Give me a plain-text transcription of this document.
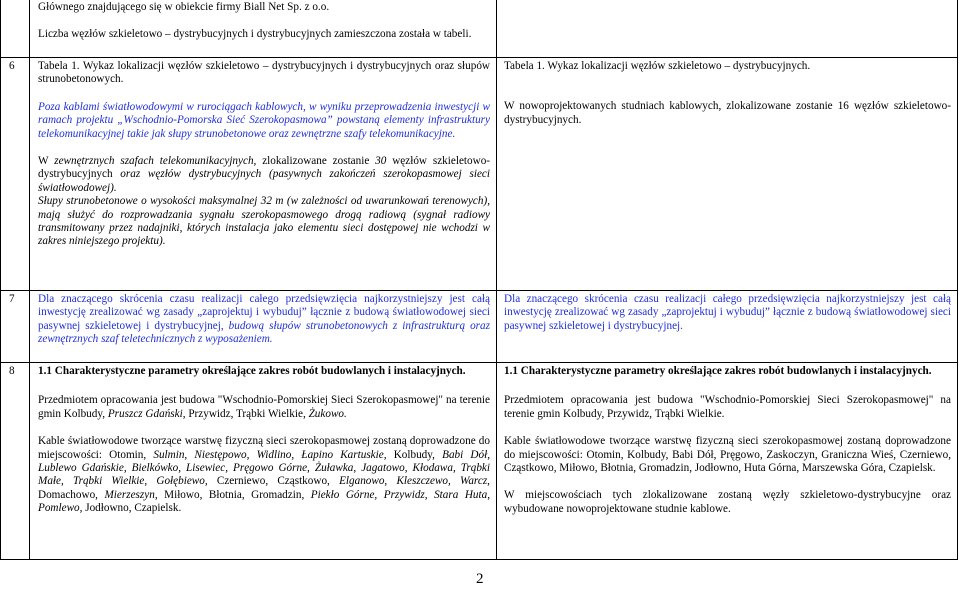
Głównego znajdującego się w obiekcie firmy Biall Net Sp. z o.o.

Liczba węzłów szkieletowo – dystrybucyjnych i dystrybucyjnych zamieszczona została w tabeli.

6 Tabela 1. Wykaz lokalizacji węzłów szkieletowo – dystrybucyjnych i dystrybucyjnych oraz słupów strunobetonowych.

Poza kablami światłowodowymi w rurociągach kablowych, w wyniku przeprowadzenia inwestycji w ramach projektu „Wschodnio-Pomorska Sieć Szerokopasmowa” powstaną elementy infrastruktury telekomunikacyjnej takie jak słupy strunobetonowe oraz zewnętrzne szafy telekomunikacyjne.

W zewnętrznych szafach telekomunikacyjnych, zlokalizowane zostanie 30 węzłów szkieletowo- dystrybucyjnych oraz węzłów dystrybucyjnych (pasywnych zakończeń szerokopasmowej sieci światłowodowej).

Słupy strunobetonowe o wysokości maksymalnej 32 m (w zależności od uwarunkowań terenowych), mają służyć do rozprowadzania sygnału szerokopasmowego drogą radiową (sygnał radiowy transmitowany przez nadajniki, których instalacja jako elementu sieci dostępowej nie wchodzi w zakres niniejszego projektu).

Tabela 1. Wykaz lokalizacji węzłów szkieletowo – dystrybucyjnych.

W nowoprojektowanych studniach kablowych, zlokalizowane zostanie 16 węzłów szkieletowo- dystrybucyjnych.

7 Dla znaczącego skrócenia czasu realizacji całego przedsięwzięcia najkorzystniejszy jest całą inwestycję zrealizować wg zasady „zaprojektuj i wybuduj” łącznie z budową światłowodowej sieci pasywnej szkieletowej i dystrybucyjnej, budową słupów strunobetonowych z infrastrukturą oraz zewnętrznych szaf teletechnicznych z wyposażeniem.

Dla znaczącego skrócenia czasu realizacji całego przedsięwzięcia najkorzystniejszy jest całą inwestycję zrealizować wg zasady „zaprojektuj i wybuduj” łącznie z budową światłowodowej sieci pasywnej szkieletowej i dystrybucyjnej.

8 1.1 Charakterystyczne parametry określające zakres robót budowlanych i instalacyjnych.

Przedmiotem opracowania jest budowa "Wschodnio-Pomorskiej Sieci Szerokopasmowej" na terenie gmin Kolbudy, Pruszcz Gdański, Przywidz, Trąbki Wielkie, Żukowo.

Kable światłowodowe tworzące warstwę fizyczną sieci szerokopasmowej zostaną doprowadzone do miejscowości: Otomin, Sulmin, Niestępowo, Widlino, Łapino Kartuskie, Kolbudy, Babi Dół, Lublewo Gdańskie, Bielkówko, Lisewiec, Pręgowo Górne, Żuławka, Jagatowo, Kłodawa, Trąbki Małe, Trąbki Wielkie, Gołębiewo, Czerniewo, Cząstkowo, Elganowo, Kleszczewo, Warcz, Domachowo, Mierzeszyn, Miłowo, Błotnia, Gromadzin, Piekło Górne, Przywidz, Stara Huta, Pomlewo, Jodłowno, Czapielsk.

1.1 Charakterystyczne parametry określające zakres robót budowlanych i instalacyjnych.

Przedmiotem opracowania jest budowa "Wschodnio-Pomorskiej Sieci Szerokopasmowej" na terenie gmin Kolbudy, Przywidz, Trąbki Wielkie.

Kable światłowodowe tworzące warstwę fizyczną sieci szerokopasmowej zostaną doprowadzone do miejscowości: Otomin, Kolbudy, Babi Dół, Pręgowo, Zaskoczyn, Graniczna Wieś, Czerniewo, Cząstkowo, Miłowo, Błotnia, Gromadzin, Jodłowno, Huta Górna, Marszewska Góra, Czapielsk.

W miejscowościach tych zlokalizowane zostaną węzły szkieletowo-dystrybucyjne oraz wybudowane nowoprojektowane studnie kablowe.

2
